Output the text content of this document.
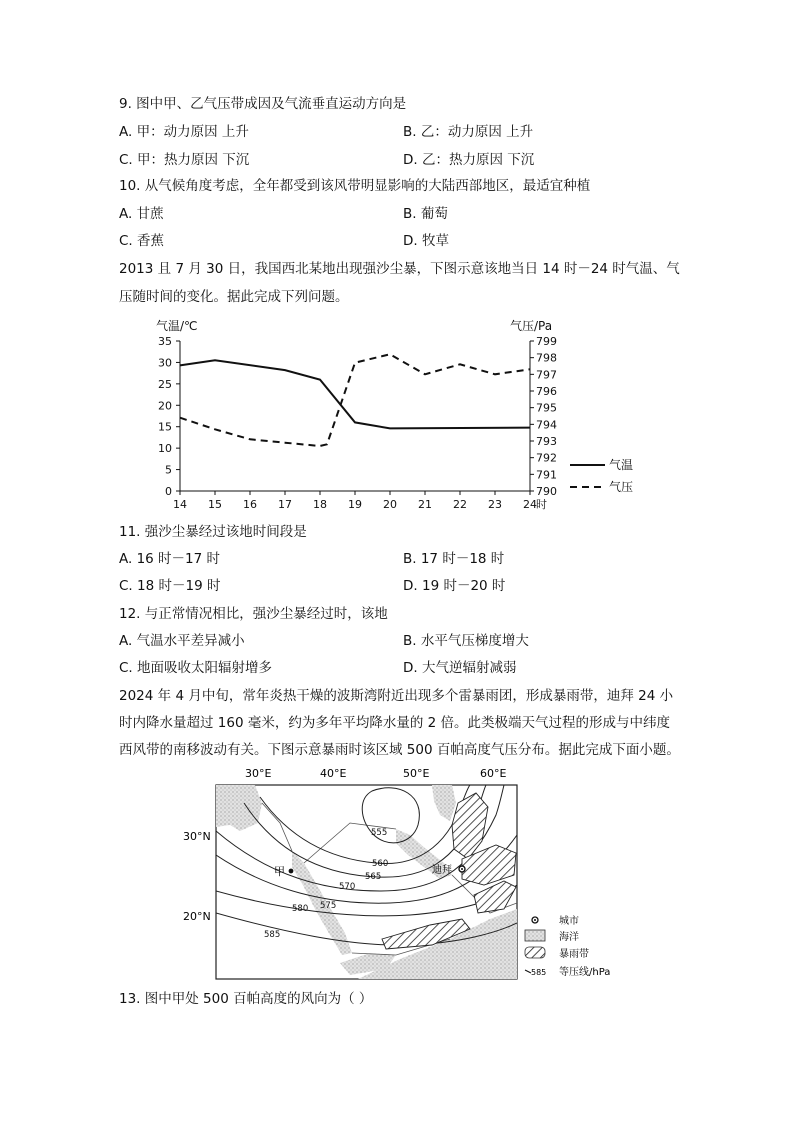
9. 图中甲、乙气压带成因及气流垂直运动方向是
A. 甲：动力原因 上升	B. 乙：动力原因 上升
C. 甲：热力原因 下沉	D. 乙：热力原因 下沉
10. 从气候角度考虑，全年都受到该风带明显影响的大陆西部地区，最适宜种植
A. 甘蔗	B. 葡萄
C. 香蕉	D. 牧草
2013 且 7 月 30 日，我国西北某地出现强沙尘暴，下图示意该地当日 14 时－24 时气温、气
压随时间的变化。据此完成下列问题。
气温/℃	气压/Pa
0
5
10
15
20
25
30
35
790
791
792
793
794
795
796
797
798
799
14 15 16 17 18 19 20 21 22 23 24 时
气温
气压
11. 强沙尘暴经过该地时间段是
A. 16 时－17 时	B. 17 时－18 时
C. 18 时－19 时	D. 19 时－20 时
12. 与正常情况相比，强沙尘暴经过时，该地
A. 气温水平差异减小	B. 水平气压梯度增大
C. 地面吸收太阳辐射增多	D. 大气逆辐射减弱
2024 年 4 月中旬，常年炎热干燥的波斯湾附近出现多个雷暴雨团，形成暴雨带，迪拜 24 小
时内降水量超过 160 毫米，约为多年平均降水量的 2 倍。此类极端天气过程的形成与中纬度
西风带的南移波动有关。下图示意暴雨时该区域 500 百帕高度气压分布。据此完成下面小题。
30°E	40°E	50°E	60°E
30°N
20°N
555
560
565
570
575
580
585
甲	迪拜
城市
海洋
暴雨带
585 等压线/hPa
13. 图中甲处 500 百帕高度的风向为（ ）
